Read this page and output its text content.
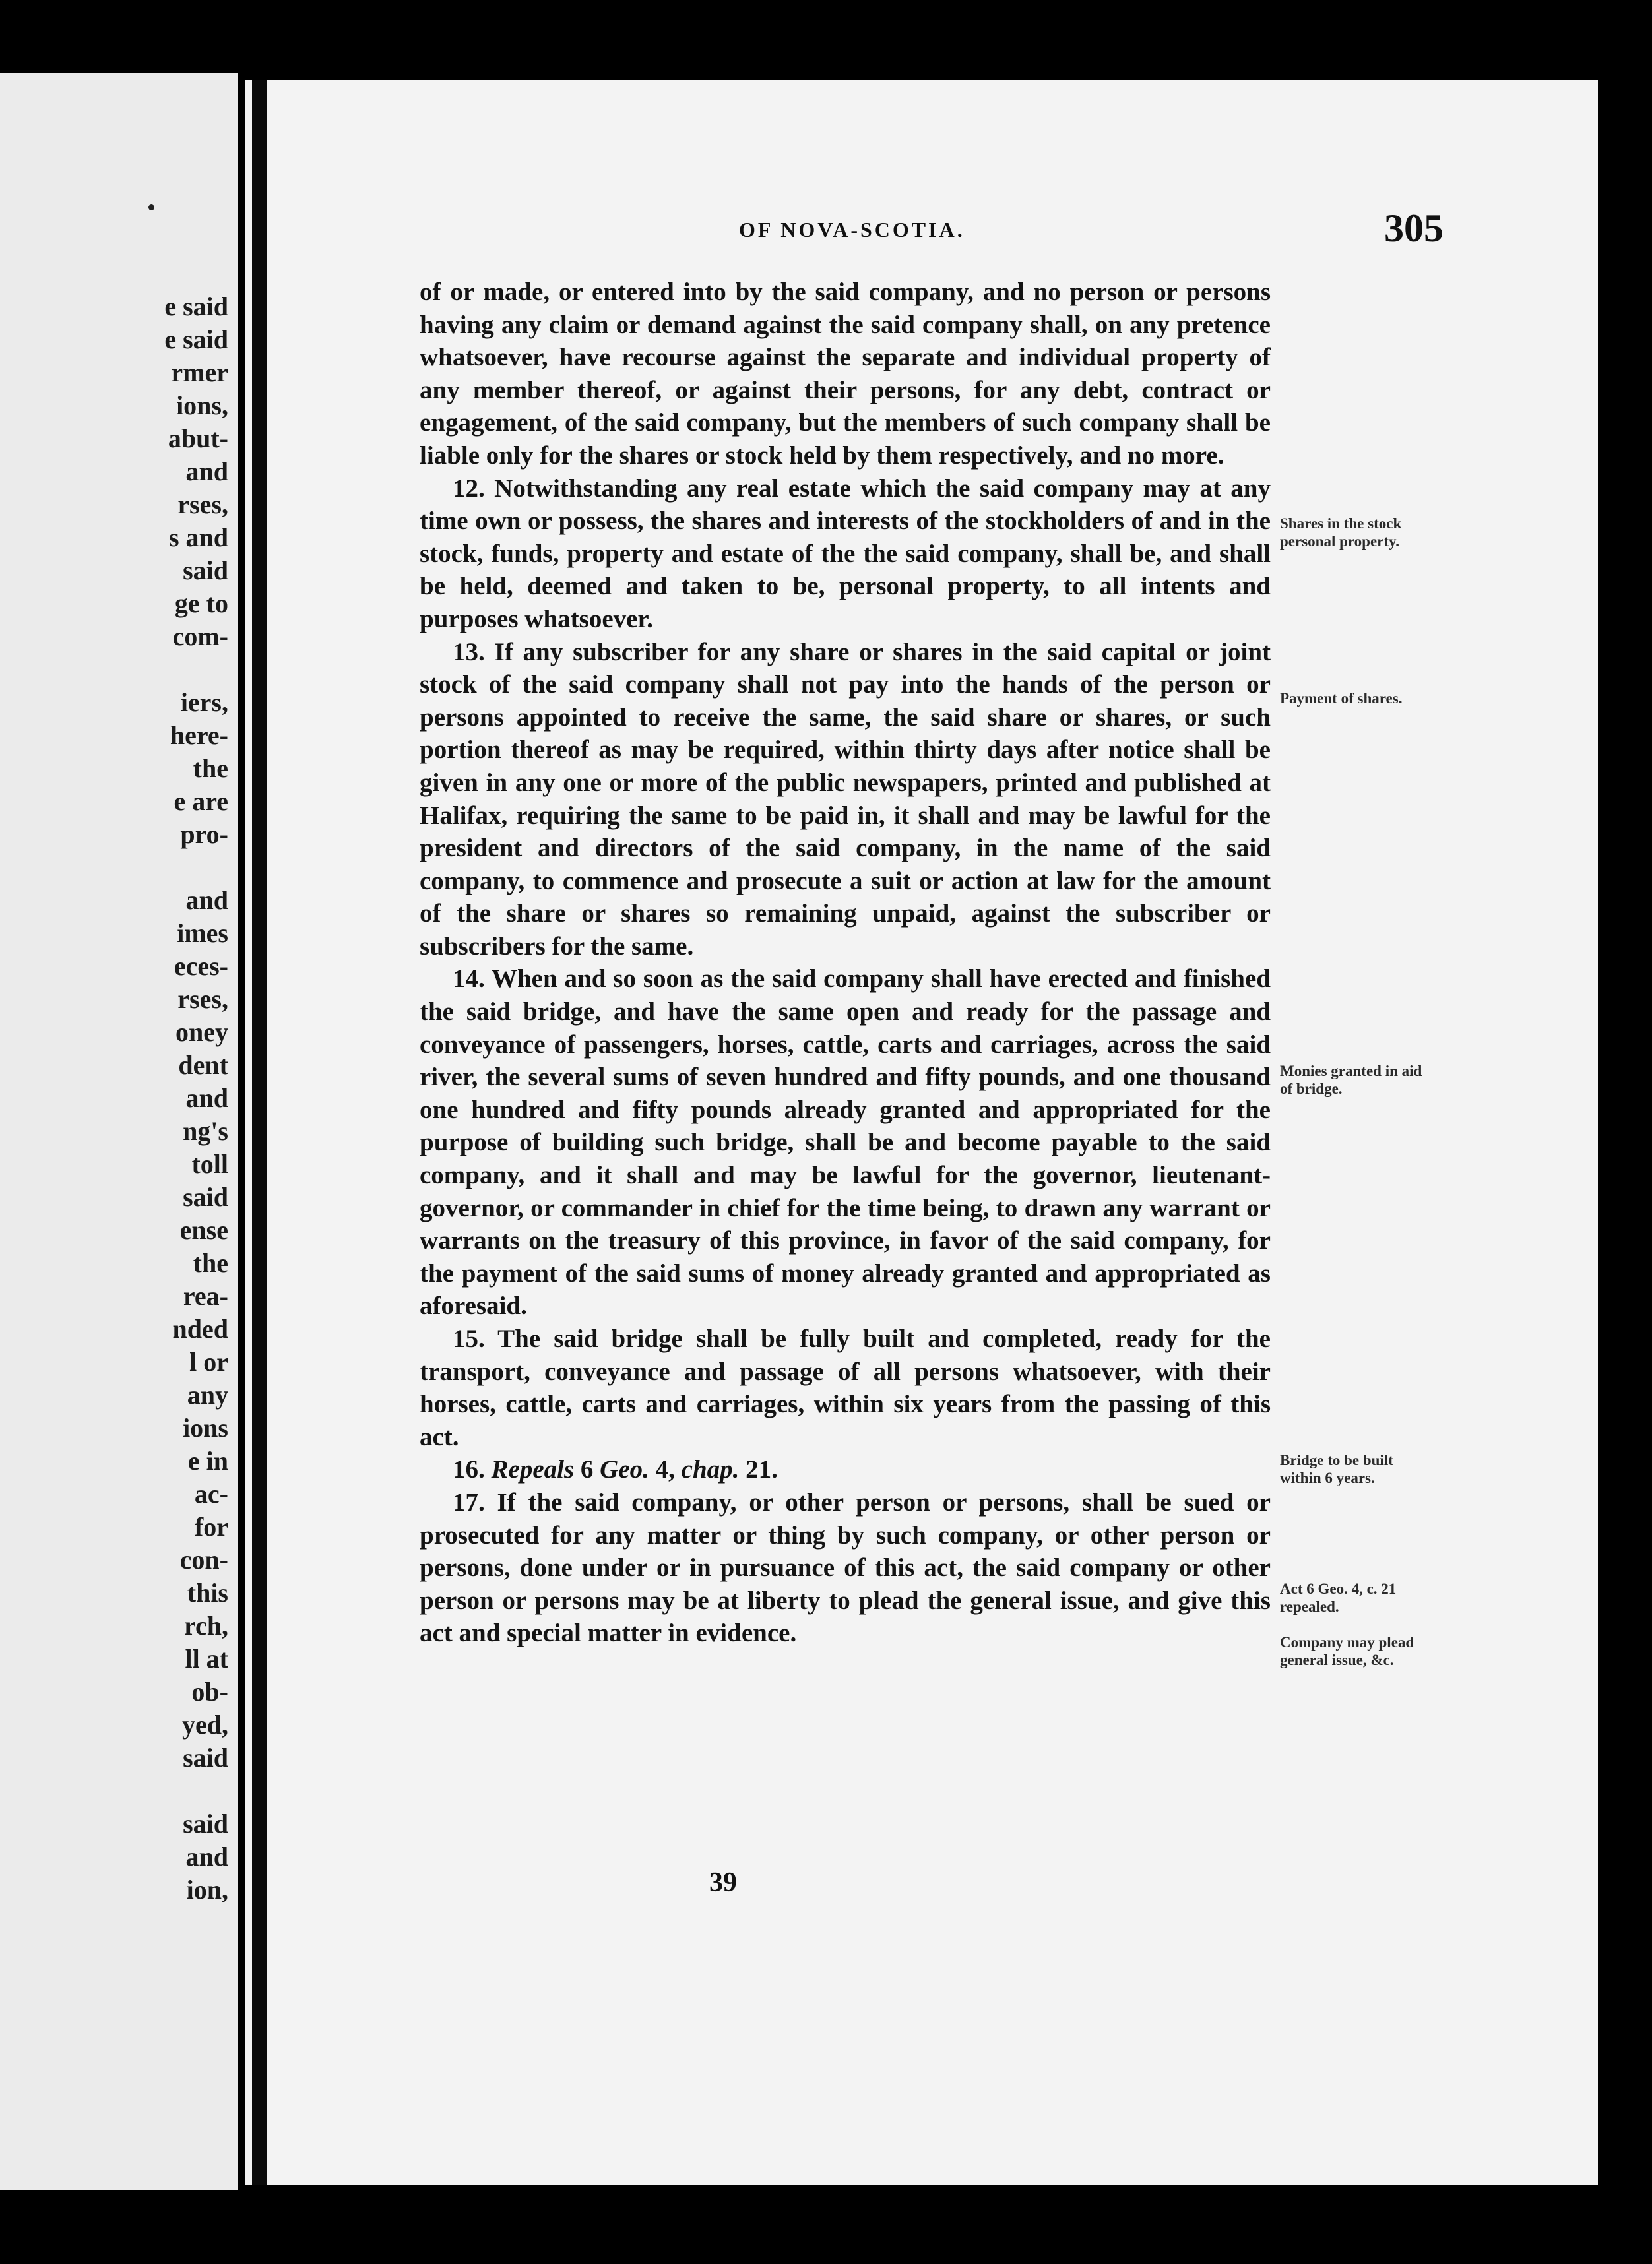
e said
e said
rmer
ions,
abut-
and
rses,
s and
said
ge to
com-
iers,
here-
the
e are
pro-
and
imes
eces-
rses,
oney
dent
and
ng's
toll
said
ense
the
rea-
nded
l or
any
ions
e in
ac-
for
con-
this
rch,
ll at
ob-
yed,
said
said
and
ion,
OF NOVA-SCOTIA.	305

of or made, or entered into by the said company, and no person or persons having any claim or demand against the said company shall, on any pretence whatsoever, have recourse against the separate and individual property of any member thereof, or against their persons, for any debt, contract or engagement, of the said company, but the members of such company shall be liable only for the shares or stock held by them respectively, and no more.

12. Notwithstanding any real estate which the said company may at any time own or possess, the shares and interests of the stockholders of and in the stock, funds, property and estate of the the said company, shall be, and shall be held, deemed and taken to be, personal property, to all intents and purposes whatsoever.

13. If any subscriber for any share or shares in the said capital or joint stock of the said company shall not pay into the hands of the person or persons appointed to receive the same, the said share or shares, or such portion thereof as may be required, within thirty days after notice shall be given in any one or more of the public newspapers, printed and published at Halifax, requiring the same to be paid in, it shall and may be lawful for the president and directors of the said company, in the name of the said company, to commence and prosecute a suit or action at law for the amount of the share or shares so remaining unpaid, against the subscriber or subscribers for the same.

14. When and so soon as the said company shall have erected and finished the said bridge, and have the same open and ready for the passage and conveyance of passengers, horses, cattle, carts and carriages, across the said river, the several sums of seven hundred and fifty pounds, and one thousand one hundred and fifty pounds already granted and appropriated for the purpose of building such bridge, shall be and become payable to the said company, and it shall and may be lawful for the governor, lieutenant-governor, or commander in chief for the time being, to drawn any warrant or warrants on the treasury of this province, in favor of the said company, for the payment of the said sums of money already granted and appropriated as aforesaid.

15. The said bridge shall be fully built and completed, ready for the transport, conveyance and passage of all persons whatsoever, with their horses, cattle, carts and carriages, within six years from the passing of this act.

16. Repeals 6 Geo. 4, chap. 21.

17. If the said company, or other person or persons, shall be sued or prosecuted for any matter or thing by such company, or other person or persons, done under or in pursuance of this act, the said company or other person or persons may be at liberty to plead the general issue, and give this act and special matter in evidence.

Shares in the stock personal property.

Payment of shares.

Monies granted in aid of bridge.

Bridge to be built within 6 years.

Act 6 Geo. 4, c. 21 repealed.

Company may plead general issue, &c.

39
